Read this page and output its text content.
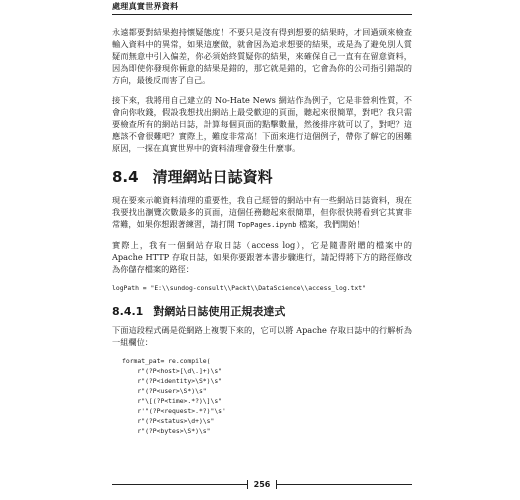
處理真實世界資料

永遠都要對結果抱持懷疑態度！不要只是沒有得到想要的結果時，才回過頭來檢查輸入資料中的異常，如果這麼做，就會因為追求想要的結果，或是為了避免別人質疑而無意中引入偏差，你必須始終質疑你的結果，來確保自己一直有在留意資料，因為即使你發現你倆意的結果是錯的，那它就是錯的，它會為你的公司指引錯誤的方向，最後反而害了自己。

接下來，我將用自己建立的 No-Hate News 網站作為例子，它是非營利性質，不會向你收錢，假設我想找出網站上最受歡迎的頁面，聽起來很簡單，對吧？我只需要檢查所有的網站日誌，計算每個頁面的點擊數量，然後排序就可以了，對吧？這應該不會很難吧？實際上，難度非常高！下面來進行這個例子，帶你了解它的困難原因，一探在真實世界中的資料清理會發生什麼事。

8.4 清理網站日誌資料

現在要來示範資料清理的重要性，我自己經營的網站中有一些網站日誌資料，現在我要找出瀏覽次數最多的頁面，這個任務聽起來很簡單，但你很快將看到它其實非常難，如果你想跟著練習，請打開 TopPages.ipynb 檔案，我們開始！

實際上，我有一個網站存取日誌（access log），它是隨書附贈的檔案中的 Apache HTTP 存取日誌，如果你要跟著本書步驟進行，請記得將下方的路徑修改為你儲存檔案的路徑：

logPath = "E:\\sundog-consult\\Packt\\DataScience\\access_log.txt"
8.4.1 對網站日誌使用正規表達式

下面這段程式碼是從網路上複製下來的，它可以將 Apache 存取日誌中的行解析為一組欄位：

format_pat= re.compile(
r"(?P<host>[\d\.]+)\s"
r"(?P<identity>\S*)\s"
r"(?P<user>\S*)\s"
r"\[(?P<time>.*?)\]\s"
r'"(?P<request>.*?)"\s'
r"(?P<status>\d+)\s"
r"(?P<bytes>\S*)\s"
256
